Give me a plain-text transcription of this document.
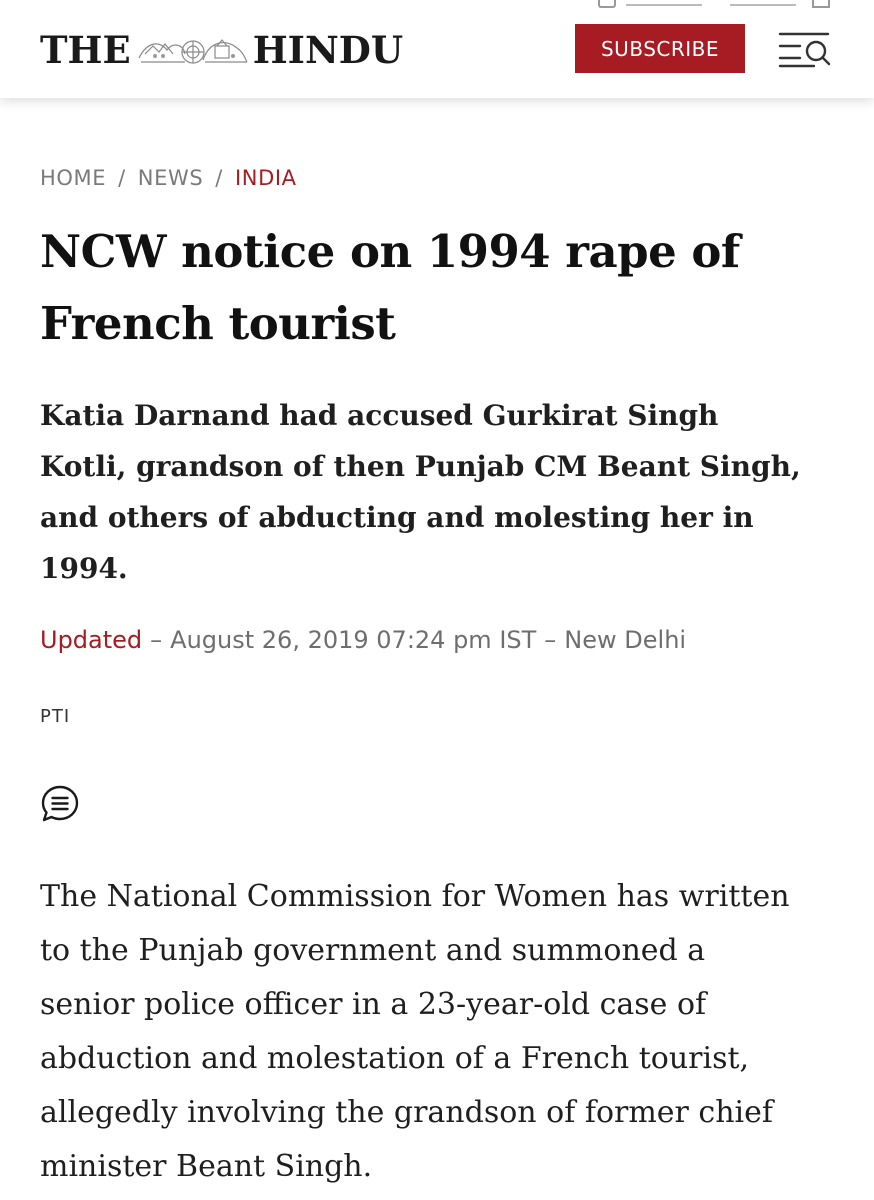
THE	HINDU	SUBSCRIBE
HOME / NEWS / INDIA
NCW notice on 1994 rape of
French tourist
Katia Darnand had accused Gurkirat Singh
Kotli, grandson of then Punjab CM Beant Singh,
and others of abducting and molesting her in
1994.
Updated – August 26, 2019 07:24 pm IST – New Delhi
PTI

The National Commission for Women has written
to the Punjab government and summoned a
senior police officer in a 23-year-old case of
abduction and molestation of a French tourist,
allegedly involving the grandson of former chief
minister Beant Singh.
